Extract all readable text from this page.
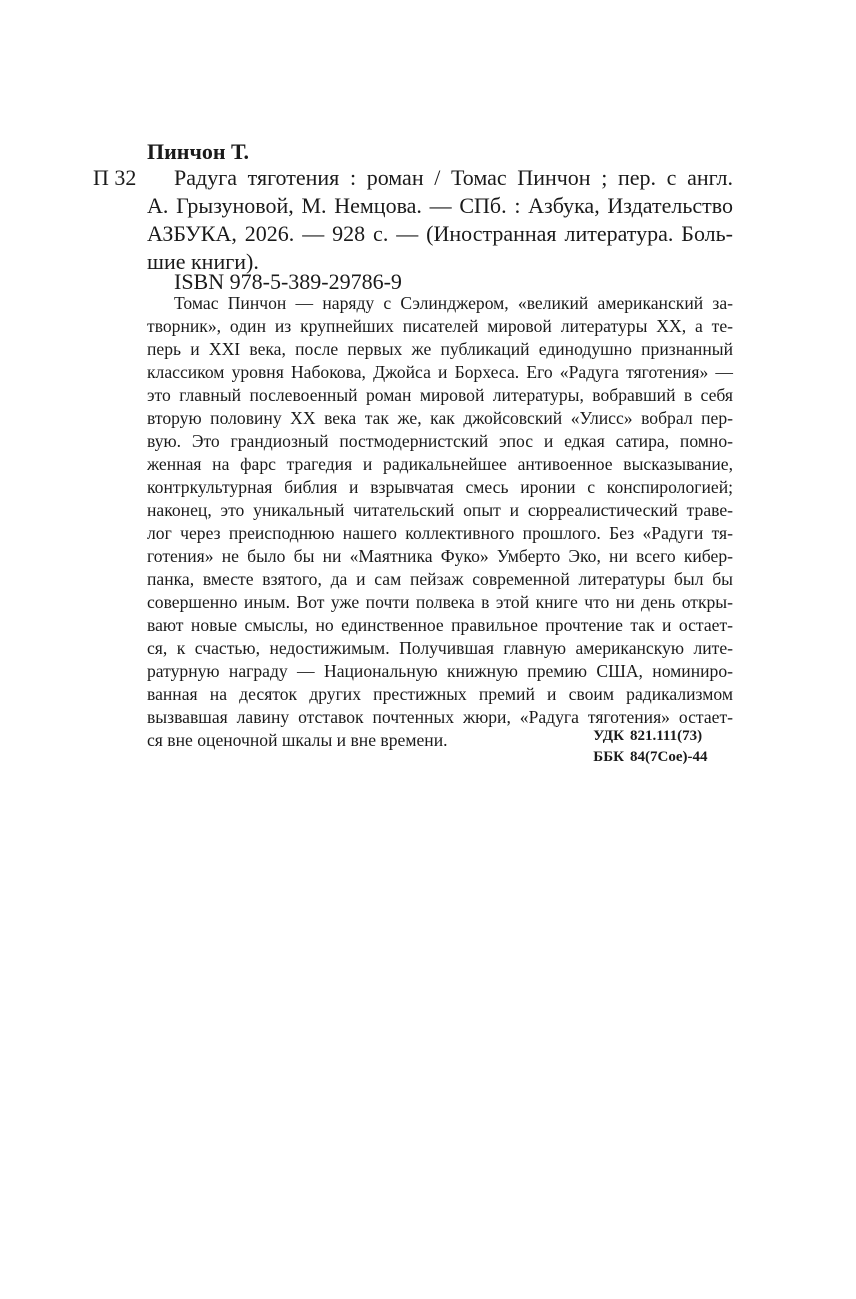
Пинчон Т.
П 32	Радуга тяготения : роман / Томас Пинчон ; пер. с англ.
А. Грызуновой, М. Немцова. — СПб. : Азбука, Издательство
АЗБУКА, 2026. — 928 с. — (Иностранная литература. Боль-
шие книги).
ISBN 978-5-389-29786-9
Томас Пинчон — наряду с Сэлинджером, «великий американский за-
творник», один из крупнейших писателей мировой литературы XX, а те-
перь и XXI века, после первых же публикаций единодушно признанный
классиком уровня Набокова, Джойса и Борхеса. Его «Радуга тяготения» —
это главный послевоенный роман мировой литературы, вобравший в себя
вторую половину XX века так же, как джойсовский «Улисс» вобрал пер-
вую. Это грандиозный постмодернистский эпос и едкая сатира, помно-
женная на фарс трагедия и радикальнейшее антивоенное высказывание,
контркультурная библия и взрывчатая смесь иронии с конспирологией;
наконец, это уникальный читательский опыт и сюрреалистический траве-
лог через преисподнюю нашего коллективного прошлого. Без «Радуги тя-
готения» не было бы ни «Маятника Фуко» Умберто Эко, ни всего кибер-
панка, вместе взятого, да и сам пейзаж современной литературы был бы
совершенно иным. Вот уже почти полвека в этой книге что ни день откры-
вают новые смыслы, но единственное правильное прочтение так и остает-
ся, к счастью, недостижимым. Получившая главную американскую лите-
ратурную награду — Национальную книжную премию США, номиниро-
ванная на десяток других престижных премий и своим радикализмом
вызвавшая лавину отставок почтенных жюри, «Радуга тяготения» остает-
ся вне оценочной шкалы и вне времени.	УДК 821.111(73)
ББК 84(7Сое)-44
